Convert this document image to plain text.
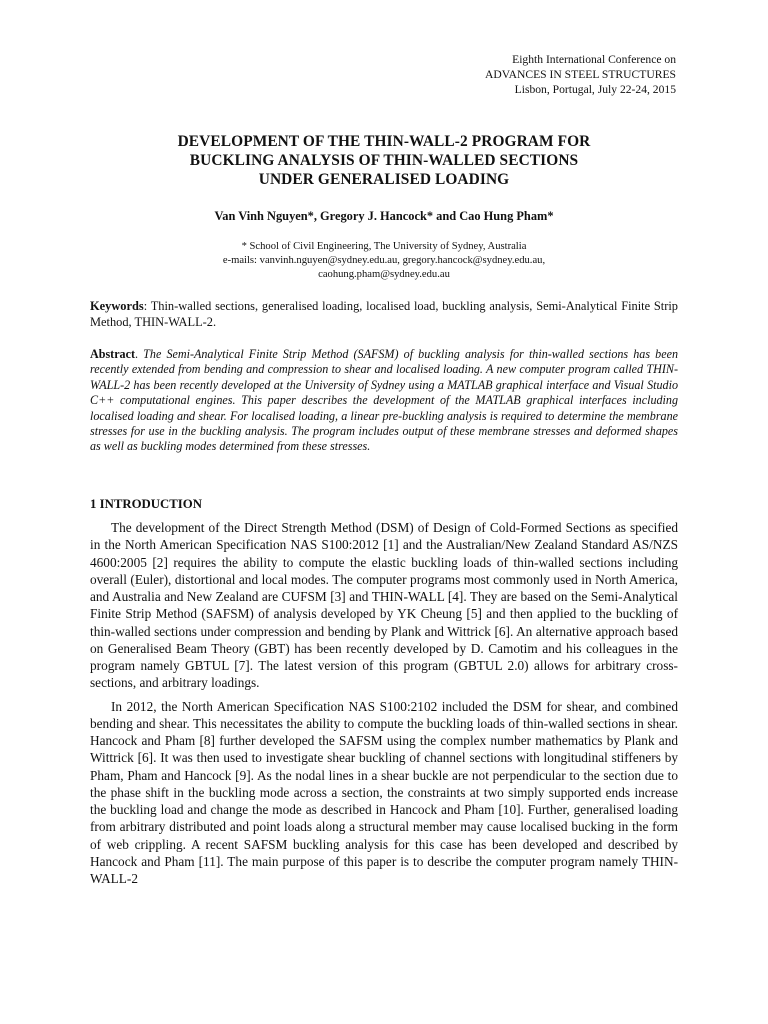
Eighth International Conference on
ADVANCES IN STEEL STRUCTURES
Lisbon, Portugal, July 22-24, 2015
DEVELOPMENT OF THE THIN-WALL-2 PROGRAM FOR
BUCKLING ANALYSIS OF THIN-WALLED SECTIONS
UNDER GENERALISED LOADING
Van Vinh Nguyen*, Gregory J. Hancock* and Cao Hung Pham*
* School of Civil Engineering, The University of Sydney, Australia
e-mails: vanvinh.nguyen@sydney.edu.au, gregory.hancock@sydney.edu.au,
caohung.pham@sydney.edu.au
Keywords: Thin-walled sections, generalised loading, localised load, buckling analysis, Semi-Analytical Finite Strip Method, THIN-WALL-2.
Abstract. The Semi-Analytical Finite Strip Method (SAFSM) of buckling analysis for thin-walled sections has been recently extended from bending and compression to shear and localised loading. A new computer program called THIN-WALL-2 has been recently developed at the University of Sydney using a MATLAB graphical interface and Visual Studio C++ computational engines. This paper describes the development of the MATLAB graphical interfaces including localised loading and shear. For localised loading, a linear pre-buckling analysis is required to determine the membrane stresses for use in the buckling analysis. The program includes output of these membrane stresses and deformed shapes as well as buckling modes determined from these stresses.
1 INTRODUCTION

The development of the Direct Strength Method (DSM) of Design of Cold-Formed Sections as specified in the North American Specification NAS S100:2012 [1] and the Australian/New Zealand Standard AS/NZS 4600:2005 [2] requires the ability to compute the elastic buckling loads of thin-walled sections including overall (Euler), distortional and local modes. The computer programs most commonly used in North America, and Australia and New Zealand are CUFSM [3] and THIN-WALL [4]. They are based on the Semi-Analytical Finite Strip Method (SAFSM) of analysis developed by YK Cheung [5] and then applied to the buckling of thin-walled sections under compression and bending by Plank and Wittrick [6]. An alternative approach based on Generalised Beam Theory (GBT) has been recently developed by D. Camotim and his colleagues in the program namely GBTUL [7]. The latest version of this program (GBTUL 2.0) allows for arbitrary cross-sections, and arbitrary loadings.

In 2012, the North American Specification NAS S100:2102 included the DSM for shear, and combined bending and shear. This necessitates the ability to compute the buckling loads of thin-walled sections in shear. Hancock and Pham [8] further developed the SAFSM using the complex number mathematics by Plank and Wittrick [6]. It was then used to investigate shear buckling of channel sections with longitudinal stiffeners by Pham, Pham and Hancock [9]. As the nodal lines in a shear buckle are not perpendicular to the section due to the phase shift in the buckling mode across a section, the constraints at two simply supported ends increase the buckling load and change the mode as described in Hancock and Pham [10]. Further, generalised loading from arbitrary distributed and point loads along a structural member may cause localised bucking in the form of web crippling. A recent SAFSM buckling analysis for this case has been developed and described by Hancock and Pham [11]. The main purpose of this paper is to describe the computer program namely THIN-WALL-2
